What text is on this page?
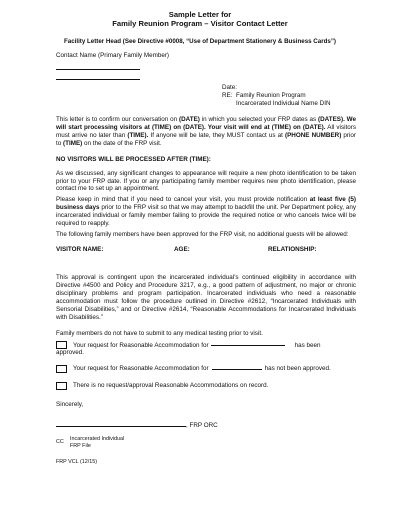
Sample Letter for
Family Reunion Program – Visitor Contact Letter
Facility Letter Head (See Directive #0008, “Use of Department Stationery & Business Cards”)
Contact Name (Primary Family Member)
Date:
RE: Family Reunion Program
Incarcerated Individual Name DIN
This letter is to confirm our conversation on (DATE) in which you selected your FRP dates as (DATES). We will start processing visitors at (TIME) on (DATE). Your visit will end at (TIME) on (DATE). All visitors must arrive no later than (TIME). If anyone will be late, they MUST contact us at (PHONE NUMBER) prior to (TIME) on the date of the FRP visit.
NO VISITORS WILL BE PROCESSED AFTER (TIME):
As we discussed, any significant changes to appearance will require a new photo identification to be taken prior to your FRP date. If you or any participating family member requires new photo identification, please contact me to set up an appointment.
Please keep in mind that if you need to cancel your visit, you must provide notification at least five (5) business days prior to the FRP visit so that we may attempt to backfill the unit. Per Department policy, any incarcerated individual or family member failing to provide the required notice or who cancels twice will be required to reapply.
The following family members have been approved for the FRP visit, no additional guests will be allowed:
VISITOR NAME:	AGE:	RELATIONSHIP:
This approval is contingent upon the incarcerated individual’s continued eligibility in accordance with Directive #4500 and Policy and Procedure 3217, e.g., a good pattern of adjustment, no major or chronic disciplinary problems and program participation. Incarcerated individuals who need a reasonable accommodation must follow the procedure outlined in Directive #2612, “Incarcerated Individuals with Sensorial Disabilities,” and or Directive #2614, “Reasonable Accommodations for Incarcerated Individuals with Disabilities.”
Family members do not have to submit to any medical testing prior to visit.
Your request for Reasonable Accommodation for	has been
approved.
Your request for Reasonable Accommodation for	has not been approved.
There is no request/approval Reasonable Accommodations on record.
Sincerely,
, FRP ORC
CC
Incarcerated Individual
FRP File
FRP VCL (12/15)
